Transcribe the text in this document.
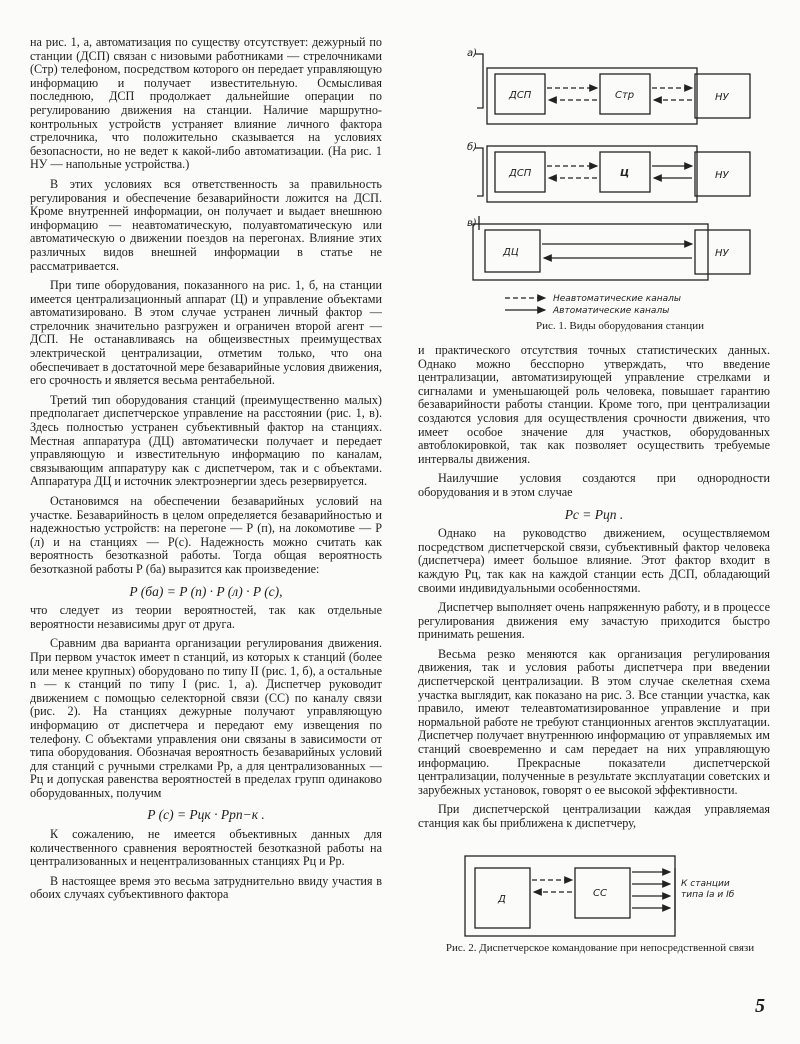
на рис. 1, а, автоматизация по существу отсутствует: дежурный по станции (ДСП) связан с низовыми работниками — стрелочниками (Стр) телефоном, посредством которого он передает управляющую информацию и получает известительную. Осмысливая последнюю, ДСП продолжает дальнейшие операции по регулированию движения на станции. Наличие маршрутно-контрольных устройств устраняет влияние личного фактора стрелочника, что положительно сказывается на условиях безопасности, но не ведет к какой-либо автоматизации. (На рис. 1 НУ — напольные устройства.)

В этих условиях вся ответственность за правильность регулирования и обеспечение безаварийности ложится на ДСП. Кроме внутренней информации, он получает и выдает внешнюю информацию — неавтоматическую, полуавтоматическую или автоматическую о движении поездов на перегонах. Влияние этих различных видов внешней информации в статье не рассматривается.

При типе оборудования, показанного на рис. 1, б, на станции имеется централизационный аппарат (Ц) и управление объектами автоматизировано. В этом случае устранен личный фактор — стрелочник значительно разгружен и ограничен второй агент — ДСП. Не останавливаясь на общеизвестных преимуществах электрической централизации, отметим только, что она обеспечивает в достаточной мере безаварийные условия движения, его срочность и является весьма рентабельной.

Третий тип оборудования станций (преимущественно малых) предполагает диспетчерское управление на расстоянии (рис. 1, в). Здесь полностью устранен субъективный фактор на станциях. Местная аппаратура (ДЦ) автоматически получает и передает управляющую и известительную информацию по каналам, связывающим аппаратуру как с диспетчером, так и с объектами. Аппаратура ДЦ и источник электроэнергии здесь резервируется.

Остановимся на обеспечении безаварийных условий на участке. Безаварийность в целом определяется безаварийностью и надежностью устройств: на перегоне — Р (п), на локомотиве — Р (л) и на станциях — Р(с). Надежность можно считать как вероятность безотказной работы. Тогда общая вероятность безотказной работы Р (ба) выразится как произведение:

P (ба) = P (п) · P (л) · P (с),

что следует из теории вероятностей, так как отдельные вероятности независимы друг от друга.

Сравним два варианта организации регулирования движения. При первом участок имеет n станций, из которых к станций (более или менее крупных) оборудовано по типу II (рис. 1, б), а остальные n — к станций по типу I (рис. 1, а). Диспетчер руководит движением с помощью селекторной связи (СС) по каналу связи (рис. 2). На станциях дежурные получают управляющую информацию от диспетчера и передают ему извещения по телефону. С объектами управления они связаны в зависимости от типа оборудования. Обозначая вероятность безаварийных условий для станций с ручными стрелками Pр, а для централизованных — Pц и допуская равенства вероятностей в пределах групп одинаково оборудованных, получим

P (с) = Pцк · Pрn−к .

К сожалению, не имеется объективных данных для количественного сравнения вероятностей безотказной работы на централизованных и нецентрализованных станциях Pц и Pр.

В настоящее время это весьма затруднительно ввиду участия в обоих случаях субъективного фактора

а)
б)
в)
ДСП	Стр	НУ
ДСП	Ц	НУ
ДЦ	НУ
Неавтоматические каналы
Автоматические каналы
Рис. 1. Виды оборудования станции

и практического отсутствия точных статистических данных. Однако можно бесспорно утверждать, что введение централизации, автоматизирующей управление стрелками и сигналами и уменьшающей роль человека, повышает гарантию безаварийности работы станции. Кроме того, при централизации создаются условия для осуществления срочности движения, что имеет особое значение для участков, оборудованных автоблокировкой, так как позволяет осуществить требуемые интервалы движения.

Наилучшие условия создаются при однородности оборудования и в этом случае

Pс = Pцn .

Однако на руководство движением, осуществляемом посредством диспетчерской связи, субъективный фактор человека (диспетчера) имеет большое влияние. Этот фактор входит в каждую Pц, так как на каждой станции есть ДСП, обладающий своими индивидуальными особенностями.

Диспетчер выполняет очень напряженную работу, и в процессе регулирования движения ему зачастую приходится быстро принимать решения.

Весьма резко меняются как организация регулирования движения, так и условия работы диспетчера при введении диспетчерской централизации. В этом случае скелетная схема участка выглядит, как показано на рис. 3. Все станции участка, как правило, имеют телеавтоматизированное управление и при нормальной работе не требуют станционных агентов эксплуатации. Диспетчер получает внутреннюю информацию от управляемых им станций своевременно и сам передает на них управляющую информацию. Прекрасные показатели диспетчерской централизации, полученные в результате эксплуатации советских и зарубежных установок, говорят о ее высокой эффективности.

При диспетчерской централизации каждая управляемая станция как бы приближена к диспетчеру,

Д
СС
К станции
типа Iа и Iб
Рис. 2. Диспетчерское командование при непосредственной связи
5
